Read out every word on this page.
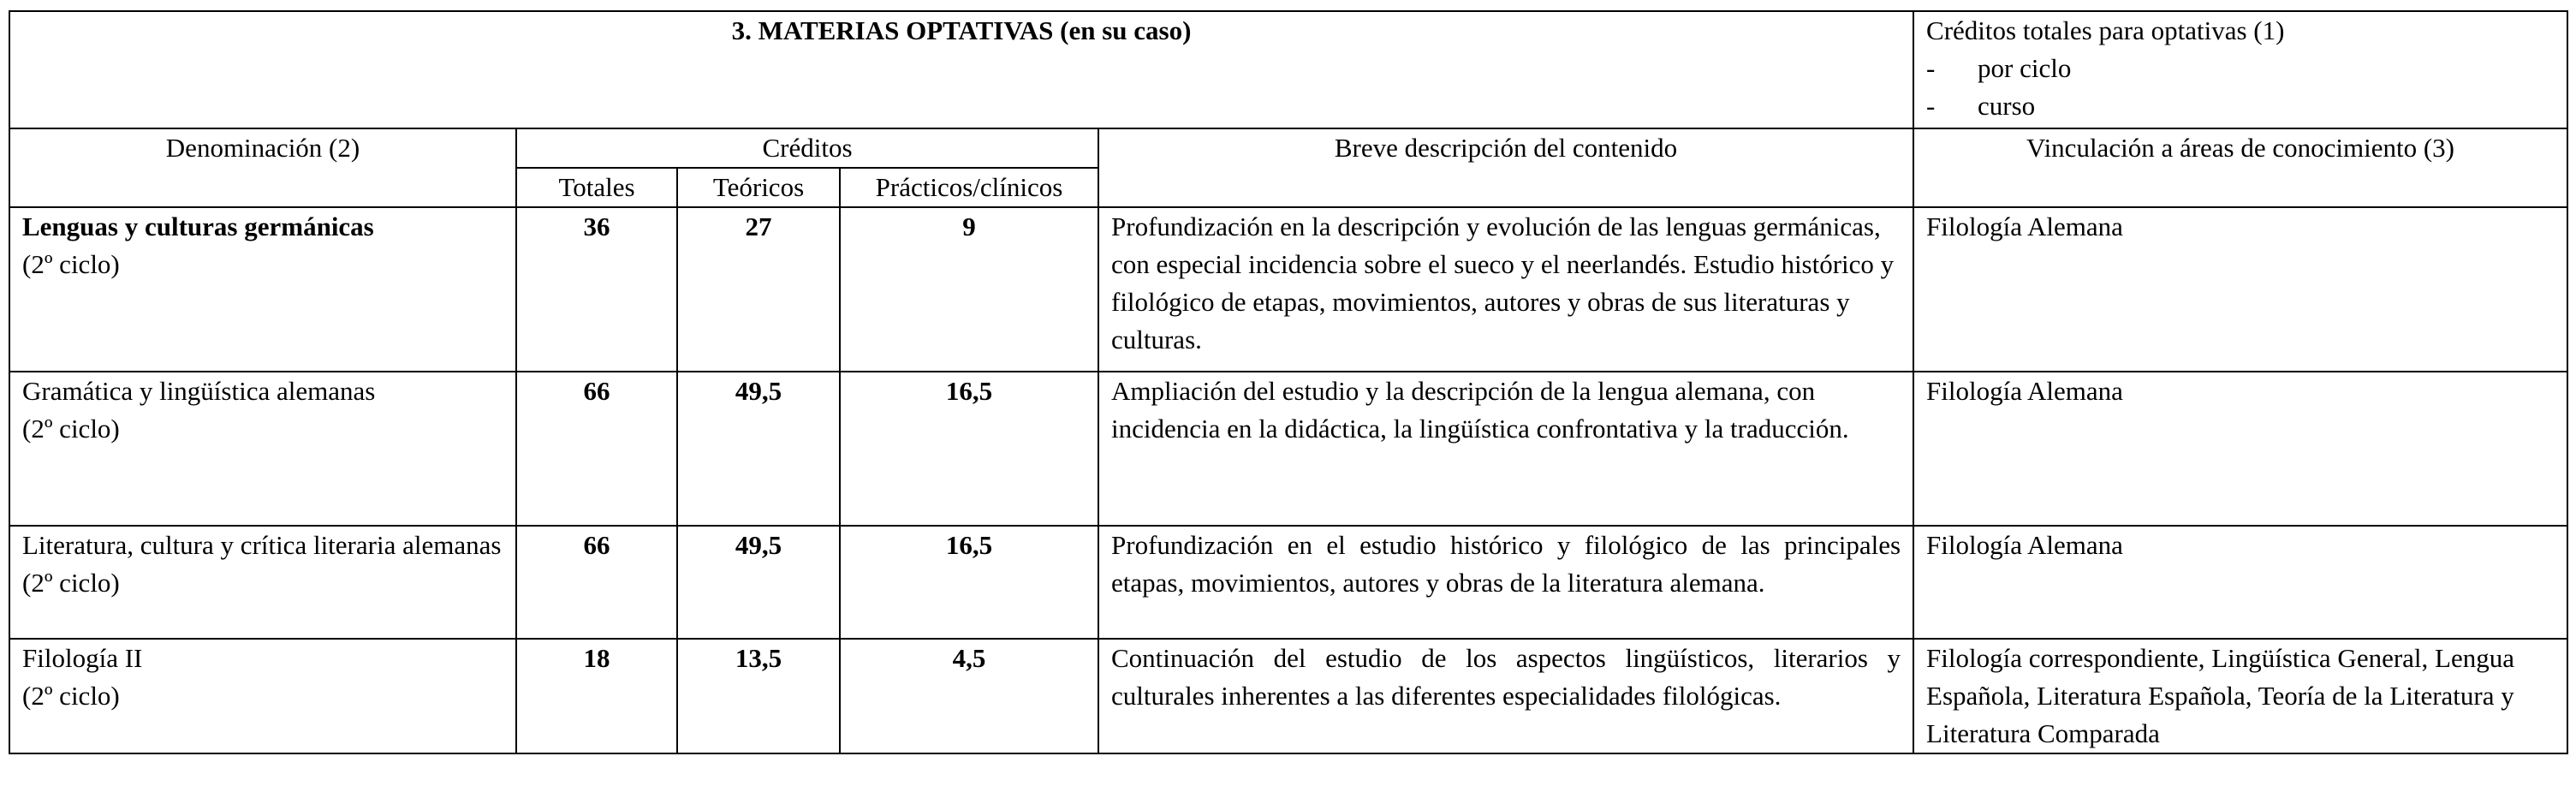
3. MATERIAS OPTATIVAS (en su caso)					Créditos totales para optativas (1)
- por ciclo
- curso

Denominación (2)	Créditos			Breve descripción del contenido	Vinculación a áreas de conocimiento (3)
	Totales	Teóricos	Prácticos/clínicos		
Lenguas y culturas germánicas
(2º ciclo)	36	27	9	Profundización en la descripción y evolución de las lenguas germánicas, con especial incidencia sobre el sueco y el neerlandés. Estudio histórico y filológico de etapas, movimientos, autores y obras de sus literaturas y culturas.	Filología Alemana
Gramática y lingüística alemanas
(2º ciclo)	66	49,5	16,5	Ampliación del estudio y la descripción de la lengua alemana, con incidencia en la didáctica, la lingüística confrontativa y la traducción.	Filología Alemana
Literatura, cultura y crítica literaria alemanas
(2º ciclo)	66	49,5	16,5	Profundización en el estudio histórico y filológico de las principales etapas, movimientos, autores y obras de la literatura alemana.	Filología Alemana
Filología II
(2º ciclo)	18	13,5	4,5	Continuación del estudio de los aspectos lingüísticos, literarios y culturales inherentes a las diferentes especialidades filológicas.	Filología correspondiente, Lingüística General, Lengua Española, Literatura Española, Teoría de la Literatura y Literatura Comparada
